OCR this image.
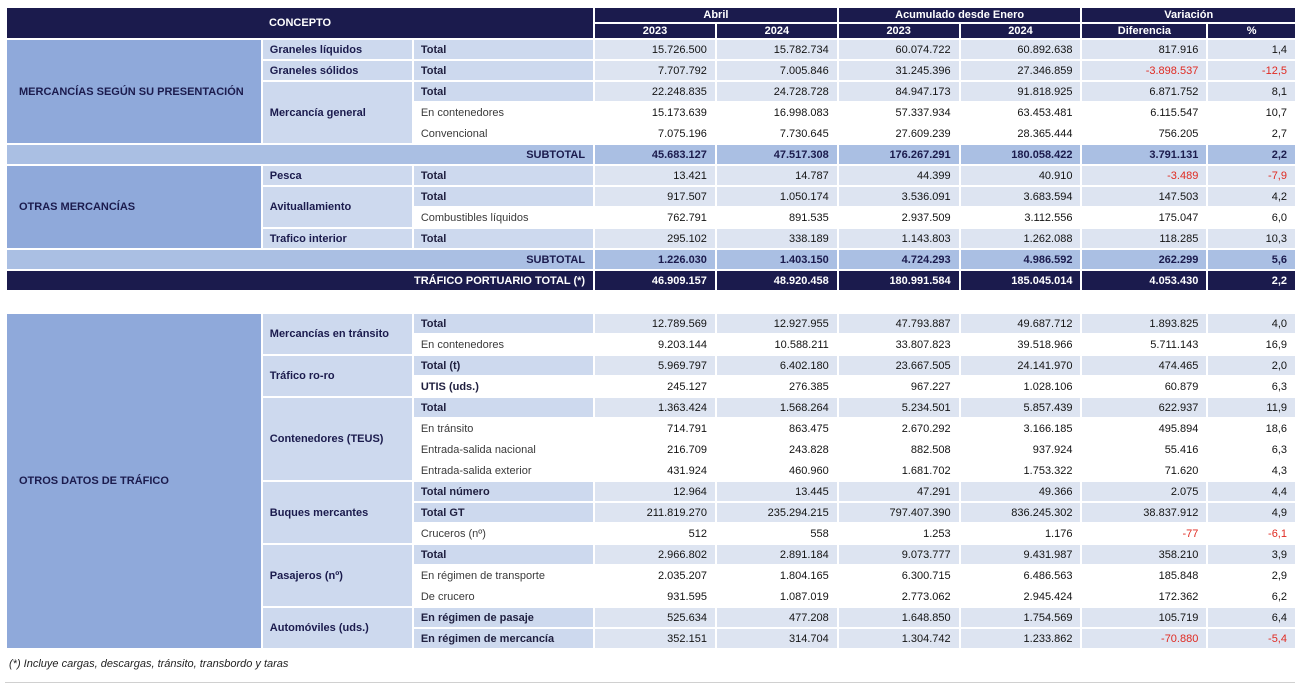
CONCEPTO			Abril		Acumulado desde Enero		Variación	
			2023	2024	2023	2024	Diferencia	%
MERCANCÍAS SEGÚN SU PRESENTACIÓN	Graneles líquidos	Total	15.726.500	15.782.734	60.074.722	60.892.638	817.916	1,4
	Graneles sólidos	Total	7.707.792	7.005.846	31.245.396	27.346.859	-3.898.537	-12,5
	Mercancía general	Total	22.248.835	24.728.728	84.947.173	91.818.925	6.871.752	8,1
		En contenedores	15.173.639	16.998.083	57.337.934	63.453.481	6.115.547	10,7
		Convencional	7.075.196	7.730.645	27.609.239	28.365.444	756.205	2,7
SUBTOTAL			45.683.127	47.517.308	176.267.291	180.058.422	3.791.131	2,2
OTRAS MERCANCÍAS	Pesca	Total	13.421	14.787	44.399	40.910	-3.489	-7,9
	Avituallamiento	Total	917.507	1.050.174	3.536.091	3.683.594	147.503	4,2
		Combustibles líquidos	762.791	891.535	2.937.509	3.112.556	175.047	6,0
	Trafico interior	Total	295.102	338.189	1.143.803	1.262.088	118.285	10,3
SUBTOTAL			1.226.030	1.403.150	4.724.293	4.986.592	262.299	5,6
TRÁFICO PORTUARIO TOTAL (*)			46.909.157	48.920.458	180.991.584	185.045.014	4.053.430	2,2
OTROS DATOS DE TRÁFICO	Mercancías en tránsito	Total	12.789.569	12.927.955	47.793.887	49.687.712	1.893.825	4,0
		En contenedores	9.203.144	10.588.211	33.807.823	39.518.966	5.711.143	16,9
	Tráfico ro-ro	Total (t)	5.969.797	6.402.180	23.667.505	24.141.970	474.465	2,0
		UTIS (uds.)	245.127	276.385	967.227	1.028.106	60.879	6,3
	Contenedores (TEUS)	Total	1.363.424	1.568.264	5.234.501	5.857.439	622.937	11,9
		En tránsito	714.791	863.475	2.670.292	3.166.185	495.894	18,6
		Entrada-salida nacional	216.709	243.828	882.508	937.924	55.416	6,3
		Entrada-salida exterior	431.924	460.960	1.681.702	1.753.322	71.620	4,3
	Buques mercantes	Total número	12.964	13.445	47.291	49.366	2.075	4,4
		Total GT	211.819.270	235.294.215	797.407.390	836.245.302	38.837.912	4,9
		Cruceros (nº)	512	558	1.253	1.176	-77	-6,1
	Pasajeros (nº)	Total	2.966.802	2.891.184	9.073.777	9.431.987	358.210	3,9
		En régimen de transporte	2.035.207	1.804.165	6.300.715	6.486.563	185.848	2,9
		De crucero	931.595	1.087.019	2.773.062	2.945.424	172.362	6,2
	Automóviles (uds.)	En régimen de pasaje	525.634	477.208	1.648.850	1.754.569	105.719	6,4
		En régimen de mercancía	352.151	314.704	1.304.742	1.233.862	-70.880	-5,4
(*) Incluye cargas, descargas, tránsito, transbordo y taras
